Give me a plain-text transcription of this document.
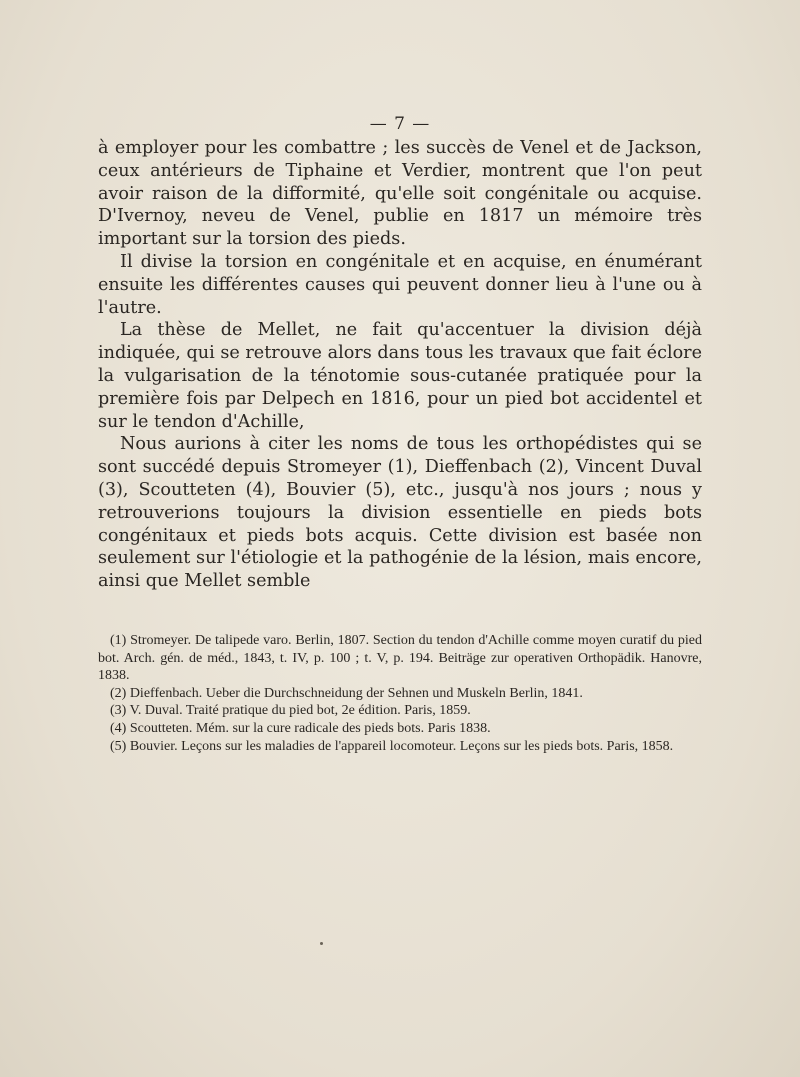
— 7 —

à employer pour les combattre ; les succès de Venel et de Jackson, ceux antérieurs de Tiphaine et Verdier, montrent que l'on peut avoir raison de la difformité, qu'elle soit congénitale ou acquise. D'Ivernoy, neveu de Venel, publie en 1817 un mémoire très important sur la torsion des pieds.

Il divise la torsion en congénitale et en acquise, en énumérant ensuite les différentes causes qui peuvent donner lieu à l'une ou à l'autre.

La thèse de Mellet, ne fait qu'accentuer la division déjà indiquée, qui se retrouve alors dans tous les travaux que fait éclore la vulgarisation de la ténotomie sous-cutanée pratiquée pour la première fois par Delpech en 1816, pour un pied bot accidentel et sur le tendon d'Achille,

Nous aurions à citer les noms de tous les orthopédistes qui se sont succédé depuis Stromeyer (1), Dieffenbach (2), Vincent Duval (3), Scoutteten (4), Bouvier (5), etc., jusqu'à nos jours ; nous y retrouverions toujours la division essentielle en pieds bots congénitaux et pieds bots acquis. Cette division est basée non seulement sur l'étiologie et la pathogénie de la lésion, mais encore, ainsi que Mellet semble

(1) Stromeyer. De talipede varo. Berlin, 1807. Section du tendon d'Achille comme moyen curatif du pied bot. Arch. gén. de méd., 1843, t. IV, p. 100 ; t. V, p. 194. Beiträge zur operativen Orthopädik. Hanovre, 1838.

(2) Dieffenbach. Ueber die Durchschneidung der Sehnen und Muskeln Berlin, 1841.

(3) V. Duval. Traité pratique du pied bot, 2e édition. Paris, 1859.

(4) Scoutteten. Mém. sur la cure radicale des pieds bots. Paris 1838.

(5) Bouvier. Leçons sur les maladies de l'appareil locomoteur. Leçons sur les pieds bots. Paris, 1858.
